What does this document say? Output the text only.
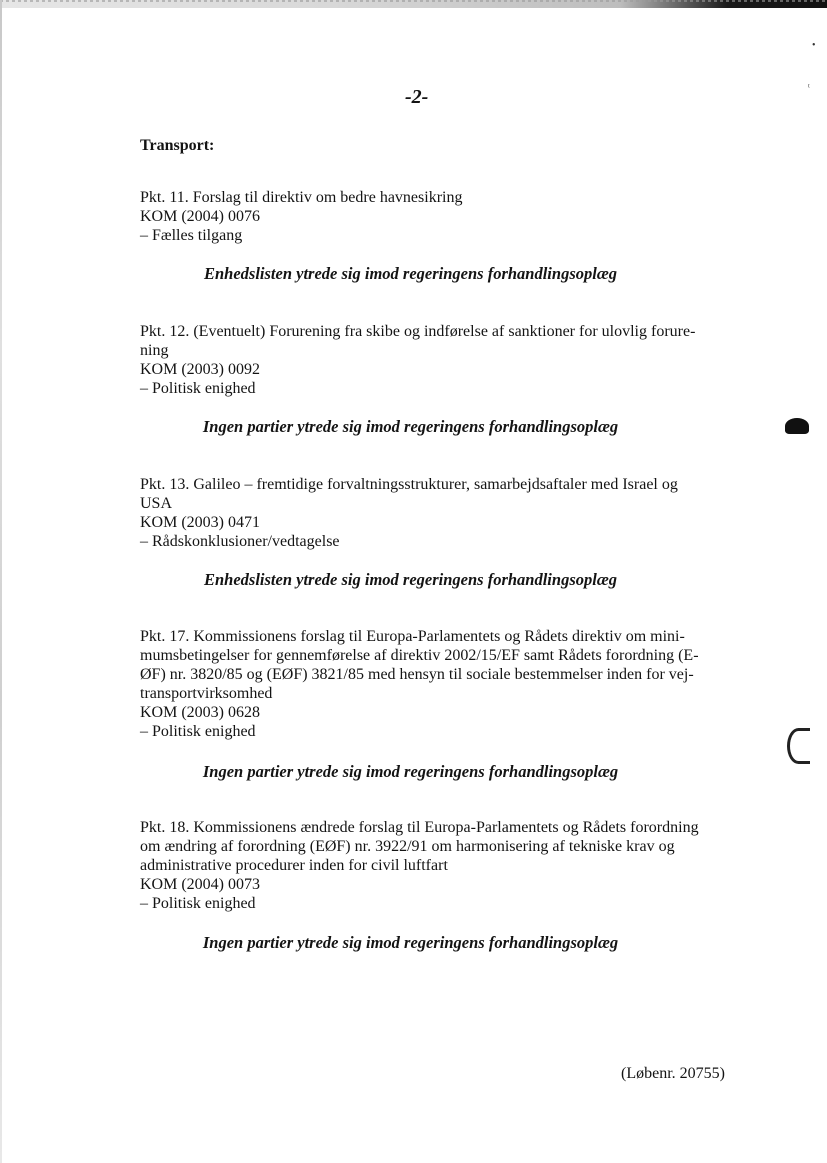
-2-
Transport:
Pkt. 11. Forslag til direktiv om bedre havnesikring
KOM (2004) 0076
– Fælles tilgang
Enhedslisten ytrede sig imod regeringens forhandlingsoplæg
Pkt. 12. (Eventuelt) Forurening fra skibe og indførelse af sanktioner for ulovlig forure-
ning
KOM (2003) 0092
– Politisk enighed
Ingen partier ytrede sig imod regeringens forhandlingsoplæg
Pkt. 13. Galileo – fremtidige forvaltningsstrukturer, samarbejdsaftaler med Israel og
USA
KOM (2003) 0471
– Rådskonklusioner/vedtagelse
Enhedslisten ytrede sig imod regeringens forhandlingsoplæg
Pkt. 17. Kommissionens forslag til Europa-Parlamentets og Rådets direktiv om mini-
mumsbetingelser for gennemførelse af direktiv 2002/15/EF samt Rådets forordning (E-
ØF) nr. 3820/85 og (EØF) 3821/85 med hensyn til sociale bestemmelser inden for vej-
transportvirksomhed
KOM (2003) 0628
– Politisk enighed
Ingen partier ytrede sig imod regeringens forhandlingsoplæg
Pkt. 18. Kommissionens ændrede forslag til Europa-Parlamentets og Rådets forordning
om ændring af forordning (EØF) nr. 3922/91 om harmonisering af tekniske krav og
administrative procedurer inden for civil luftfart
KOM (2004) 0073
– Politisk enighed
Ingen partier ytrede sig imod regeringens forhandlingsoplæg
(Løbenr. 20755)
•
ᵗ
